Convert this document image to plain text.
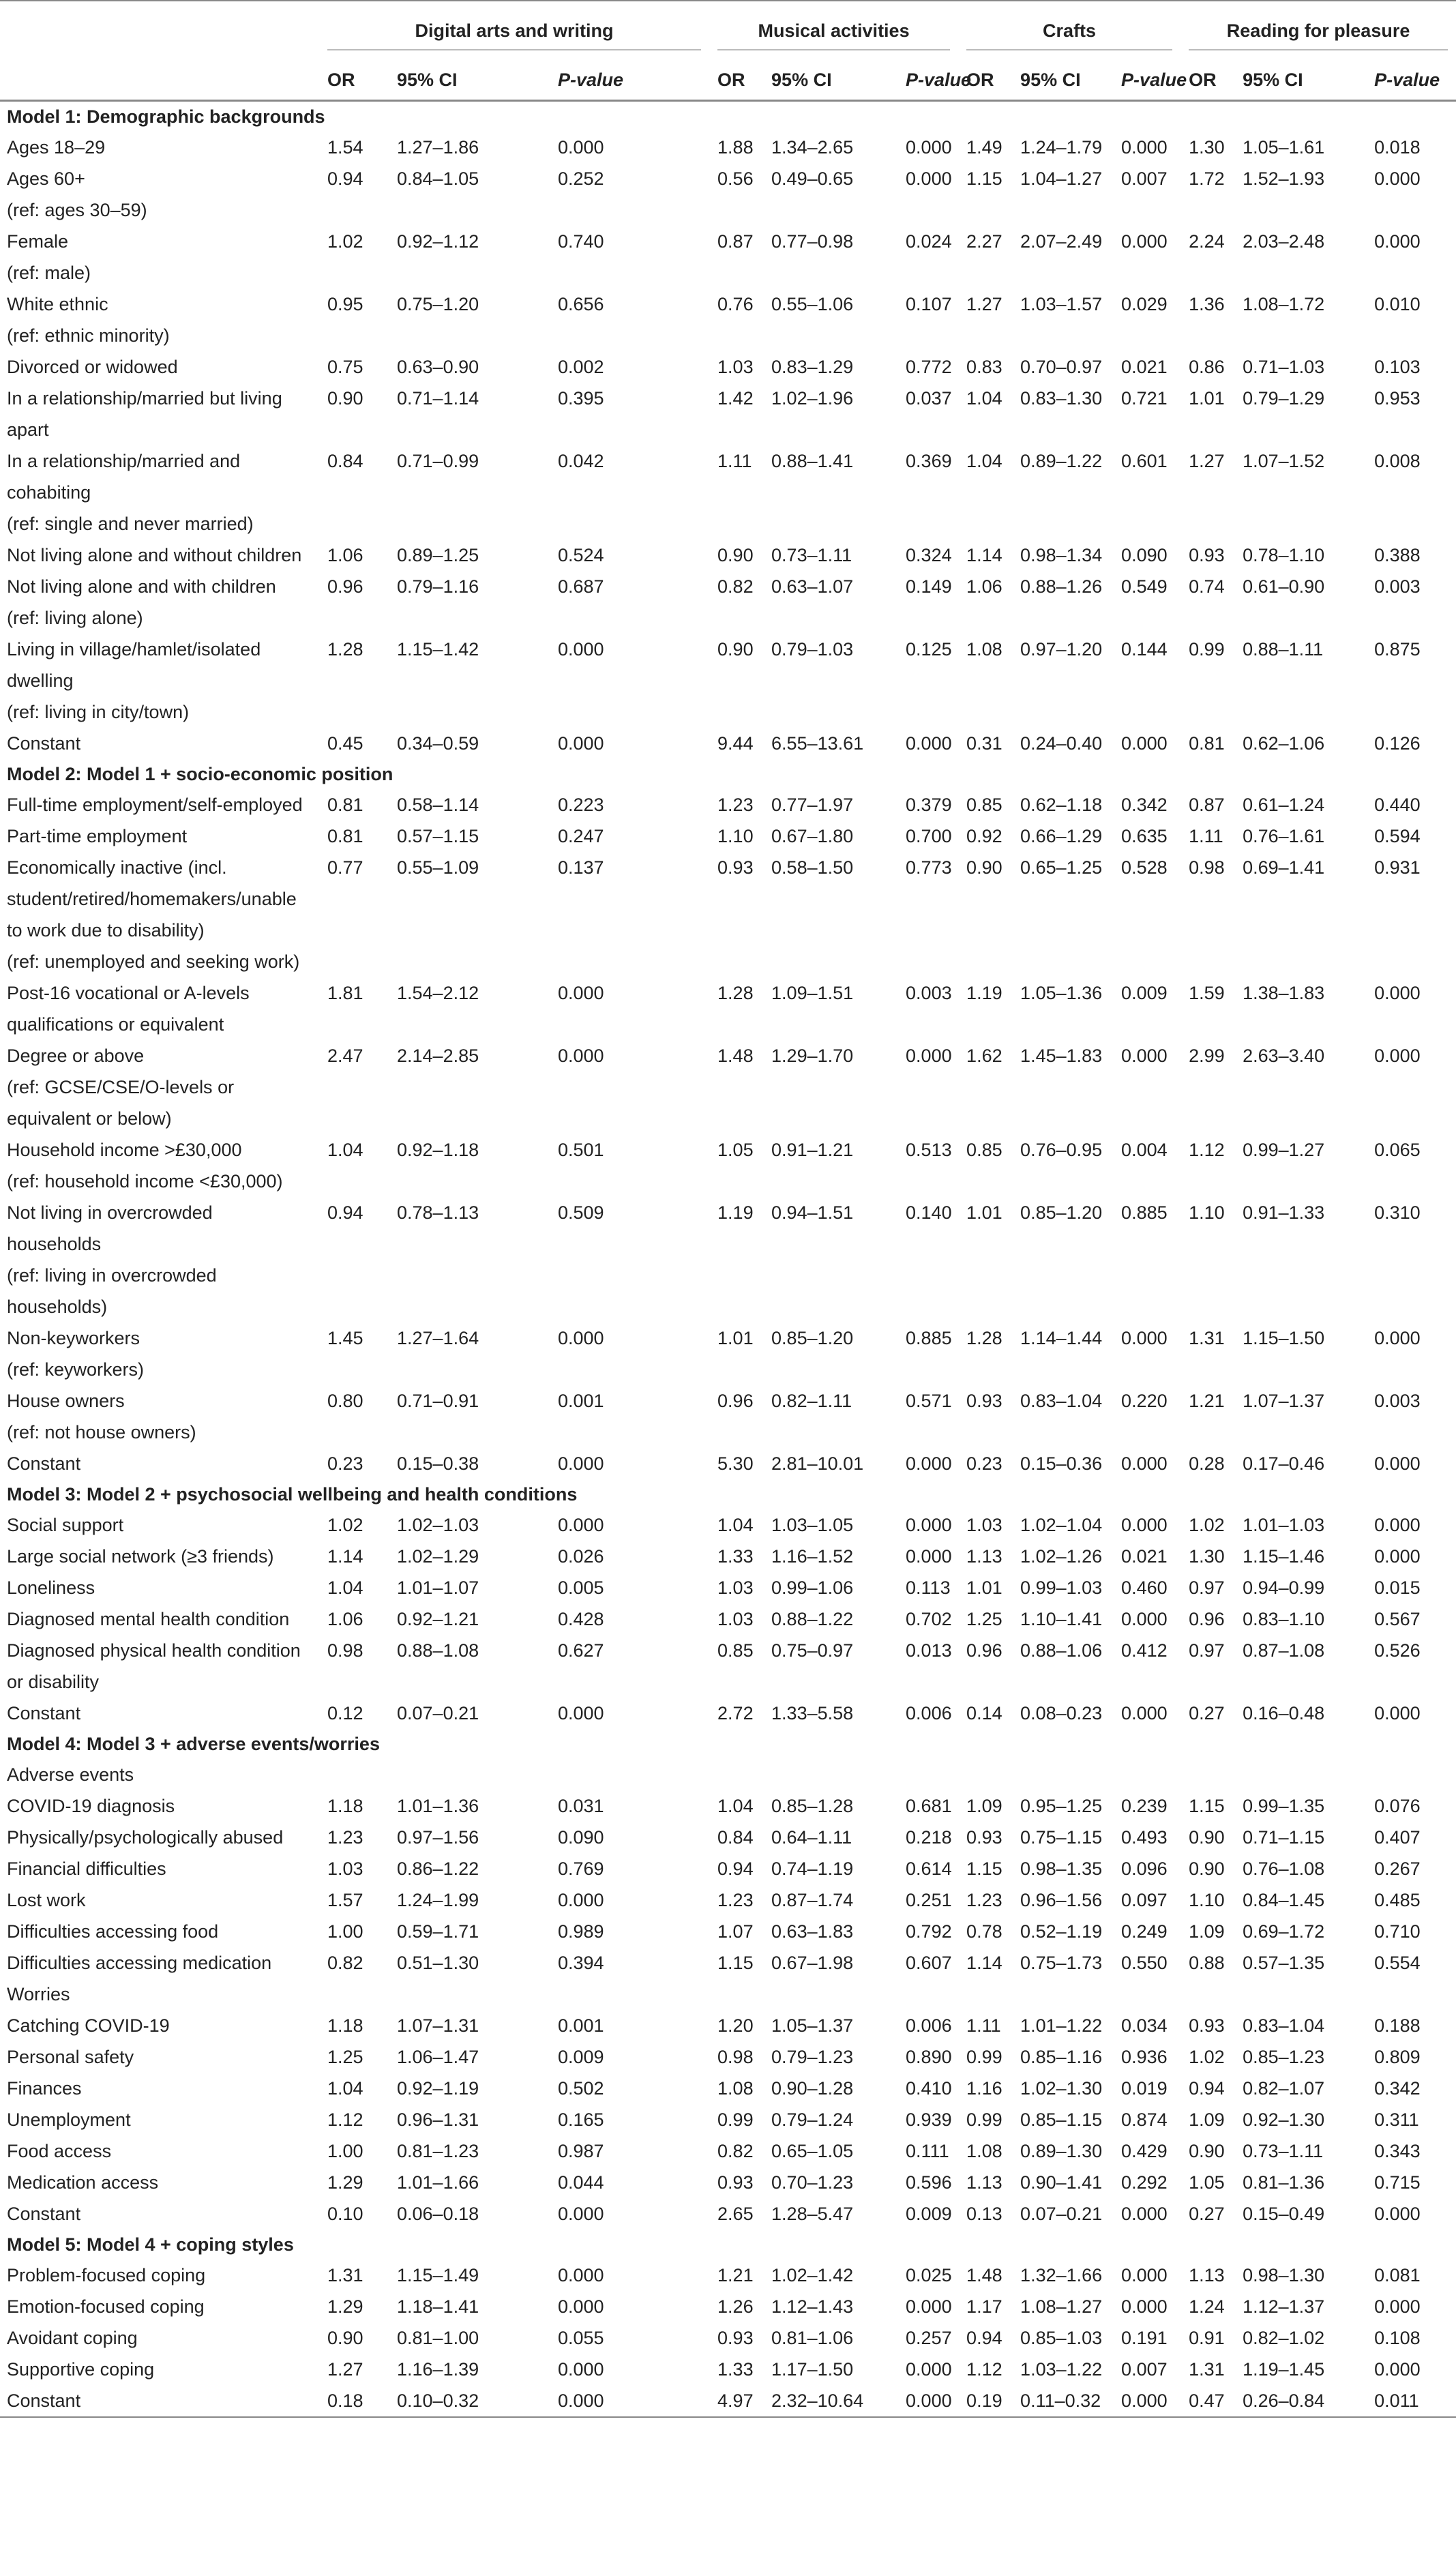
	Digital arts and writing			Musical activities			Crafts			Reading for pleasure		

	OR	95% CI	P-value	OR	95% CI	P-value	OR	95% CI	P-value	OR	95% CI	P-value
Model 1: Demographic backgrounds												
Ages 18–29	1.54	1.27–1.86	0.000	1.88	1.34–2.65	0.000	1.49	1.24–1.79	0.000	1.30	1.05–1.61	0.018
Ages 60+	0.94	0.84–1.05	0.252	0.56	0.49–0.65	0.000	1.15	1.04–1.27	0.007	1.72	1.52–1.93	0.000
(ref: ages 30–59)												
Female	1.02	0.92–1.12	0.740	0.87	0.77–0.98	0.024	2.27	2.07–2.49	0.000	2.24	2.03–2.48	0.000
(ref: male)												
White ethnic	0.95	0.75–1.20	0.656	0.76	0.55–1.06	0.107	1.27	1.03–1.57	0.029	1.36	1.08–1.72	0.010
(ref: ethnic minority)												
Divorced or widowed	0.75	0.63–0.90	0.002	1.03	0.83–1.29	0.772	0.83	0.70–0.97	0.021	0.86	0.71–1.03	0.103
In a relationship/married but living apart	0.90	0.71–1.14	0.395	1.42	1.02–1.96	0.037	1.04	0.83–1.30	0.721	1.01	0.79–1.29	0.953
In a relationship/married and cohabiting	0.84	0.71–0.99	0.042	1.11	0.88–1.41	0.369	1.04	0.89–1.22	0.601	1.27	1.07–1.52	0.008
(ref: single and never married)												
Not living alone and without children	1.06	0.89–1.25	0.524	0.90	0.73–1.11	0.324	1.14	0.98–1.34	0.090	0.93	0.78–1.10	0.388
Not living alone and with children	0.96	0.79–1.16	0.687	0.82	0.63–1.07	0.149	1.06	0.88–1.26	0.549	0.74	0.61–0.90	0.003
(ref: living alone)												
Living in village/hamlet/isolated dwelling	1.28	1.15–1.42	0.000	0.90	0.79–1.03	0.125	1.08	0.97–1.20	0.144	0.99	0.88–1.11	0.875
(ref: living in city/town)												
Constant	0.45	0.34–0.59	0.000	9.44	6.55–13.61	0.000	0.31	0.24–0.40	0.000	0.81	0.62–1.06	0.126
Model 2: Model 1 + socio-economic position												
Full-time employment/self-employed	0.81	0.58–1.14	0.223	1.23	0.77–1.97	0.379	0.85	0.62–1.18	0.342	0.87	0.61–1.24	0.440
Part-time employment	0.81	0.57–1.15	0.247	1.10	0.67–1.80	0.700	0.92	0.66–1.29	0.635	1.11	0.76–1.61	0.594
Economically inactive (incl. student/retired/homemakers/unable to work due to disability)	0.77	0.55–1.09	0.137	0.93	0.58–1.50	0.773	0.90	0.65–1.25	0.528	0.98	0.69–1.41	0.931
(ref: unemployed and seeking work)												
Post-16 vocational or A-levels qualifications or equivalent	1.81	1.54–2.12	0.000	1.28	1.09–1.51	0.003	1.19	1.05–1.36	0.009	1.59	1.38–1.83	0.000
Degree or above	2.47	2.14–2.85	0.000	1.48	1.29–1.70	0.000	1.62	1.45–1.83	0.000	2.99	2.63–3.40	0.000
(ref: GCSE/CSE/O-levels or equivalent or below)												
Household income >£30,000	1.04	0.92–1.18	0.501	1.05	0.91–1.21	0.513	0.85	0.76–0.95	0.004	1.12	0.99–1.27	0.065
(ref: household income <£30,000)												
Not living in overcrowded households	0.94	0.78–1.13	0.509	1.19	0.94–1.51	0.140	1.01	0.85–1.20	0.885	1.10	0.91–1.33	0.310
(ref: living in overcrowded households)												
Non-keyworkers	1.45	1.27–1.64	0.000	1.01	0.85–1.20	0.885	1.28	1.14–1.44	0.000	1.31	1.15–1.50	0.000
(ref: keyworkers)												
House owners	0.80	0.71–0.91	0.001	0.96	0.82–1.11	0.571	0.93	0.83–1.04	0.220	1.21	1.07–1.37	0.003
(ref: not house owners)												
Constant	0.23	0.15–0.38	0.000	5.30	2.81–10.01	0.000	0.23	0.15–0.36	0.000	0.28	0.17–0.46	0.000
Model 3: Model 2 + psychosocial wellbeing and health conditions												
Social support	1.02	1.02–1.03	0.000	1.04	1.03–1.05	0.000	1.03	1.02–1.04	0.000	1.02	1.01–1.03	0.000
Large social network (≥3 friends)	1.14	1.02–1.29	0.026	1.33	1.16–1.52	0.000	1.13	1.02–1.26	0.021	1.30	1.15–1.46	0.000
Loneliness	1.04	1.01–1.07	0.005	1.03	0.99–1.06	0.113	1.01	0.99–1.03	0.460	0.97	0.94–0.99	0.015
Diagnosed mental health condition	1.06	0.92–1.21	0.428	1.03	0.88–1.22	0.702	1.25	1.10–1.41	0.000	0.96	0.83–1.10	0.567
Diagnosed physical health condition or disability	0.98	0.88–1.08	0.627	0.85	0.75–0.97	0.013	0.96	0.88–1.06	0.412	0.97	0.87–1.08	0.526
Constant	0.12	0.07–0.21	0.000	2.72	1.33–5.58	0.006	0.14	0.08–0.23	0.000	0.27	0.16–0.48	0.000
Model 4: Model 3 + adverse events/worries												
Adverse events												
COVID-19 diagnosis	1.18	1.01–1.36	0.031	1.04	0.85–1.28	0.681	1.09	0.95–1.25	0.239	1.15	0.99–1.35	0.076
Physically/psychologically abused	1.23	0.97–1.56	0.090	0.84	0.64–1.11	0.218	0.93	0.75–1.15	0.493	0.90	0.71–1.15	0.407
Financial difficulties	1.03	0.86–1.22	0.769	0.94	0.74–1.19	0.614	1.15	0.98–1.35	0.096	0.90	0.76–1.08	0.267
Lost work	1.57	1.24–1.99	0.000	1.23	0.87–1.74	0.251	1.23	0.96–1.56	0.097	1.10	0.84–1.45	0.485
Difficulties accessing food	1.00	0.59–1.71	0.989	1.07	0.63–1.83	0.792	0.78	0.52–1.19	0.249	1.09	0.69–1.72	0.710
Difficulties accessing medication	0.82	0.51–1.30	0.394	1.15	0.67–1.98	0.607	1.14	0.75–1.73	0.550	0.88	0.57–1.35	0.554
Worries												
Catching COVID-19	1.18	1.07–1.31	0.001	1.20	1.05–1.37	0.006	1.11	1.01–1.22	0.034	0.93	0.83–1.04	0.188
Personal safety	1.25	1.06–1.47	0.009	0.98	0.79–1.23	0.890	0.99	0.85–1.16	0.936	1.02	0.85–1.23	0.809
Finances	1.04	0.92–1.19	0.502	1.08	0.90–1.28	0.410	1.16	1.02–1.30	0.019	0.94	0.82–1.07	0.342
Unemployment	1.12	0.96–1.31	0.165	0.99	0.79–1.24	0.939	0.99	0.85–1.15	0.874	1.09	0.92–1.30	0.311
Food access	1.00	0.81–1.23	0.987	0.82	0.65–1.05	0.111	1.08	0.89–1.30	0.429	0.90	0.73–1.11	0.343
Medication access	1.29	1.01–1.66	0.044	0.93	0.70–1.23	0.596	1.13	0.90–1.41	0.292	1.05	0.81–1.36	0.715
Constant	0.10	0.06–0.18	0.000	2.65	1.28–5.47	0.009	0.13	0.07–0.21	0.000	0.27	0.15–0.49	0.000
Model 5: Model 4 + coping styles												
Problem-focused coping	1.31	1.15–1.49	0.000	1.21	1.02–1.42	0.025	1.48	1.32–1.66	0.000	1.13	0.98–1.30	0.081
Emotion-focused coping	1.29	1.18–1.41	0.000	1.26	1.12–1.43	0.000	1.17	1.08–1.27	0.000	1.24	1.12–1.37	0.000
Avoidant coping	0.90	0.81–1.00	0.055	0.93	0.81–1.06	0.257	0.94	0.85–1.03	0.191	0.91	0.82–1.02	0.108
Supportive coping	1.27	1.16–1.39	0.000	1.33	1.17–1.50	0.000	1.12	1.03–1.22	0.007	1.31	1.19–1.45	0.000
Constant	0.18	0.10–0.32	0.000	4.97	2.32–10.64	0.000	0.19	0.11–0.32	0.000	0.47	0.26–0.84	0.011
